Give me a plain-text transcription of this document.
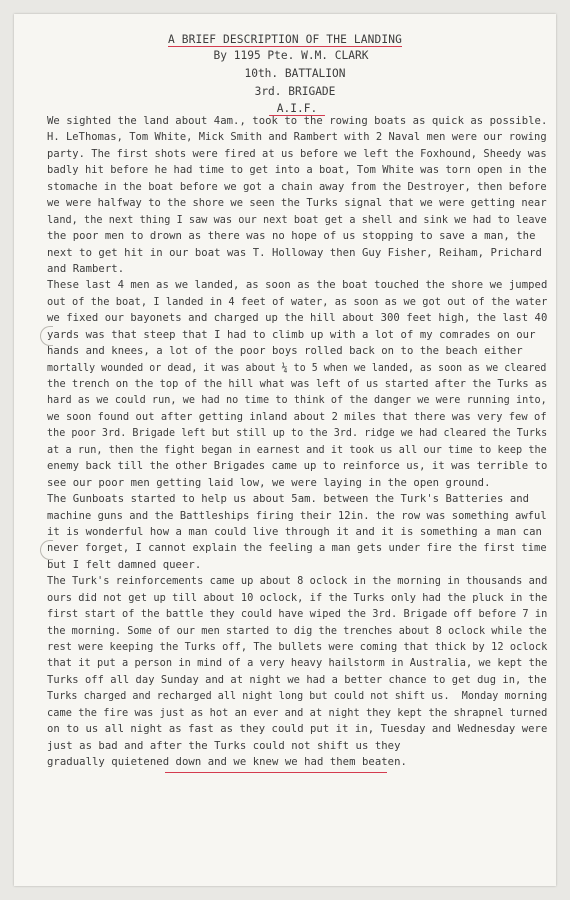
A BRIEF DESCRIPTION OF THE LANDING
By 1195 Pte. W.M. CLARK
10th. BATTALION
3rd. BRIGADE
A.I.F.
We sighted the land about 4am., took to the rowing boats as quick as possible.
H. LeThomas, Tom White, Mick Smith and Rambert with 2 Naval men were our rowing
party. The first shots were fired at us before we left the Foxhound, Sheedy was
badly hit before he had time to get into a boat, Tom White was torn open in the
stomache in the boat before we got a chain away from the Destroyer, then before
we were halfway to the shore we seen the Turks signal that we were getting near
land, the next thing I saw was our next boat get a shell and sink we had to leave
the poor men to drown as there was no hope of us stopping to save a man, the
next to get hit in our boat was T. Holloway then Guy Fisher, Reiham, Prichard
and Rambert.
These last 4 men as we landed, as soon as the boat touched the shore we jumped
out of the boat, I landed in 4 feet of water, as soon as we got out of the water
we fixed our bayonets and charged up the hill about 300 feet high, the last 40
yards was that steep that I had to climb up with a lot of my comrades on our
hands and knees, a lot of the poor boys rolled back on to the beach either
mortally wounded or dead, it was about ¼ to 5 when we landed, as soon as we cleared
the trench on the top of the hill what was left of us started after the Turks as
hard as we could run, we had no time to think of the danger we were running into,
we soon found out after getting inland about 2 miles that there was very few of
the poor 3rd. Brigade left but still up to the 3rd. ridge we had cleared the Turks
at a run, then the fight began in earnest and it took us all our time to keep the
enemy back till the other Brigades came up to reinforce us, it was terrible to
see our poor men getting laid low, we were laying in the open ground.
The Gunboats started to help us about 5am. between the Turk's Batteries and
machine guns and the Battleships firing their 12in. the row was something awful
it is wonderful how a man could live through it and it is something a man can
never forget, I cannot explain the feeling a man gets under fire the first time
but I felt damned queer.
The Turk's reinforcements came up about 8 oclock in the morning in thousands and
ours did not get up till about 10 oclock, if the Turks only had the pluck in the
first start of the battle they could have wiped the 3rd. Brigade off before 7 in
the morning. Some of our men started to dig the trenches about 8 oclock while the
rest were keeping the Turks off, The bullets were coming that thick by 12 oclock
that it put a person in mind of a very heavy hailstorm in Australia, we kept the
Turks off all day Sunday and at night we had a better chance to get dug in, the
Turks charged and recharged all night long but could not shift us.  Monday morning
came the fire was just as hot an ever and at night they kept the shrapnel turned
on to us all night as fast as they could put it in, Tuesday and Wednesday were
just as bad and after the Turks could not shift us they
gradually quietened down and we knew we had them beaten.
